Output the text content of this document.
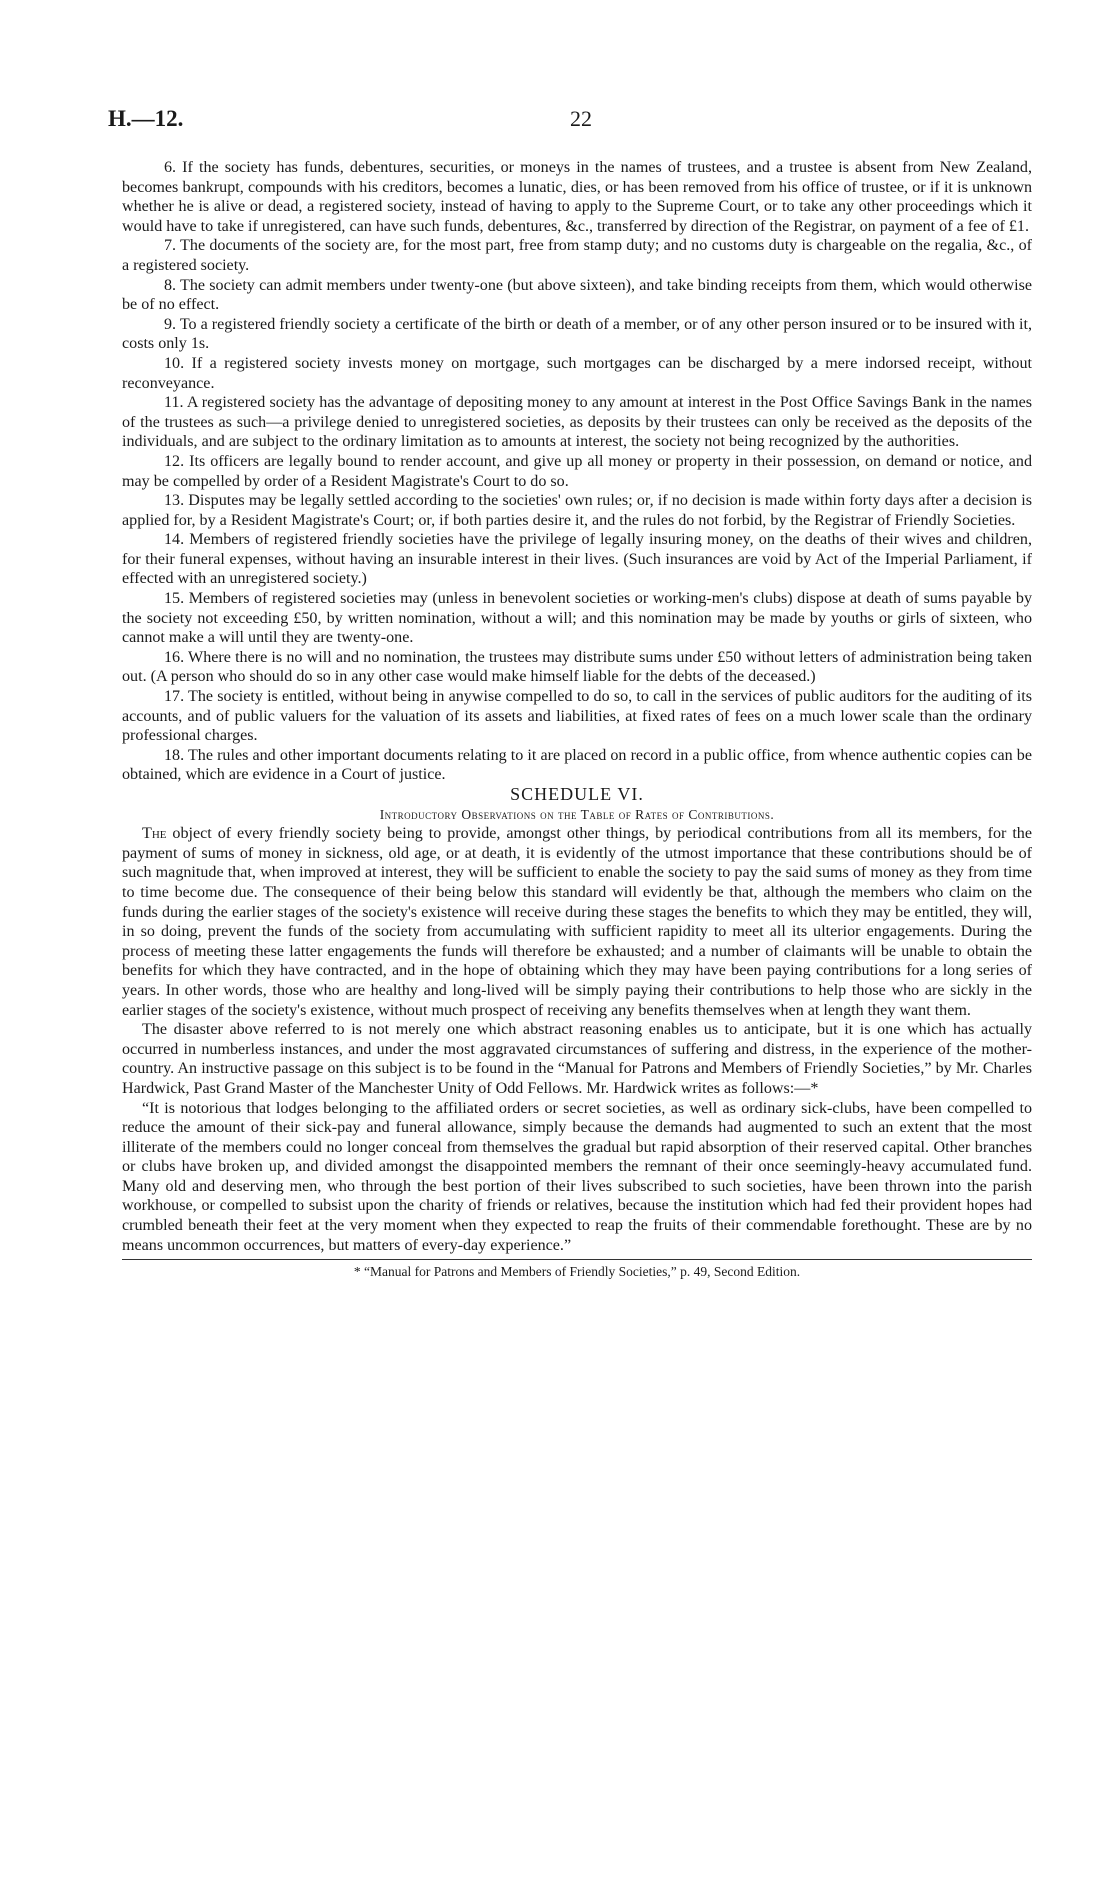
H.—12.	22

6. If the society has funds, debentures, securities, or moneys in the names of trustees, and a trustee is absent from New Zealand, becomes bankrupt, compounds with his creditors, becomes a lunatic, dies, or has been removed from his office of trustee, or if it is unknown whether he is alive or dead, a registered society, instead of having to apply to the Supreme Court, or to take any other proceedings which it would have to take if unregistered, can have such funds, debentures, &c., transferred by direction of the Registrar, on payment of a fee of £1.

7. The documents of the society are, for the most part, free from stamp duty; and no customs duty is chargeable on the regalia, &c., of a registered society.

8. The society can admit members under twenty-one (but above sixteen), and take binding receipts from them, which would otherwise be of no effect.

9. To a registered friendly society a certificate of the birth or death of a member, or of any other person insured or to be insured with it, costs only 1s.

10. If a registered society invests money on mortgage, such mortgages can be discharged by a mere indorsed receipt, without reconveyance.

11. A registered society has the advantage of depositing money to any amount at interest in the Post Office Savings Bank in the names of the trustees as such—a privilege denied to unregistered societies, as deposits by their trustees can only be received as the deposits of the individuals, and are subject to the ordinary limitation as to amounts at interest, the society not being recognized by the authorities.

12. Its officers are legally bound to render account, and give up all money or property in their possession, on demand or notice, and may be compelled by order of a Resident Magistrate's Court to do so.

13. Disputes may be legally settled according to the societies' own rules; or, if no decision is made within forty days after a decision is applied for, by a Resident Magistrate's Court; or, if both parties desire it, and the rules do not forbid, by the Registrar of Friendly Societies.

14. Members of registered friendly societies have the privilege of legally insuring money, on the deaths of their wives and children, for their funeral expenses, without having an insurable interest in their lives. (Such insurances are void by Act of the Imperial Parliament, if effected with an unregistered society.)

15. Members of registered societies may (unless in benevolent societies or working-men's clubs) dispose at death of sums payable by the society not exceeding £50, by written nomination, without a will; and this nomination may be made by youths or girls of sixteen, who cannot make a will until they are twenty-one.

16. Where there is no will and no nomination, the trustees may distribute sums under £50 without letters of administration being taken out. (A person who should do so in any other case would make himself liable for the debts of the deceased.)

17. The society is entitled, without being in anywise compelled to do so, to call in the services of public auditors for the auditing of its accounts, and of public valuers for the valuation of its assets and liabilities, at fixed rates of fees on a much lower scale than the ordinary professional charges.

18. The rules and other important documents relating to it are placed on record in a public office, from whence authentic copies can be obtained, which are evidence in a Court of justice.

SCHEDULE VI.

Introductory Observations on the Table of Rates of Contributions.

The object of every friendly society being to provide, amongst other things, by periodical contributions from all its members, for the payment of sums of money in sickness, old age, or at death, it is evidently of the utmost importance that these contributions should be of such magnitude that, when improved at interest, they will be sufficient to enable the society to pay the said sums of money as they from time to time become due. The consequence of their being below this standard will evidently be that, although the members who claim on the funds during the earlier stages of the society's existence will receive during these stages the benefits to which they may be entitled, they will, in so doing, prevent the funds of the society from accumulating with sufficient rapidity to meet all its ulterior engagements. During the process of meeting these latter engagements the funds will therefore be exhausted; and a number of claimants will be unable to obtain the benefits for which they have contracted, and in the hope of obtaining which they may have been paying contributions for a long series of years. In other words, those who are healthy and long-lived will be simply paying their contributions to help those who are sickly in the earlier stages of the society's existence, without much prospect of receiving any benefits themselves when at length they want them.

The disaster above referred to is not merely one which abstract reasoning enables us to anticipate, but it is one which has actually occurred in numberless instances, and under the most aggravated circumstances of suffering and distress, in the experience of the mother-country. An instructive passage on this subject is to be found in the “Manual for Patrons and Members of Friendly Societies,” by Mr. Charles Hardwick, Past Grand Master of the Manchester Unity of Odd Fellows. Mr. Hardwick writes as follows:—*

“It is notorious that lodges belonging to the affiliated orders or secret societies, as well as ordinary sick-clubs, have been compelled to reduce the amount of their sick-pay and funeral allowance, simply because the demands had augmented to such an extent that the most illiterate of the members could no longer conceal from themselves the gradual but rapid absorption of their reserved capital. Other branches or clubs have broken up, and divided amongst the disappointed members the remnant of their once seemingly-heavy accumulated fund. Many old and deserving men, who through the best portion of their lives subscribed to such societies, have been thrown into the parish workhouse, or compelled to subsist upon the charity of friends or relatives, because the institution which had fed their provident hopes had crumbled beneath their feet at the very moment when they expected to reap the fruits of their commendable forethought. These are by no means uncommon occurrences, but matters of every-day experience.”

* “Manual for Patrons and Members of Friendly Societies,” p. 49, Second Edition.
